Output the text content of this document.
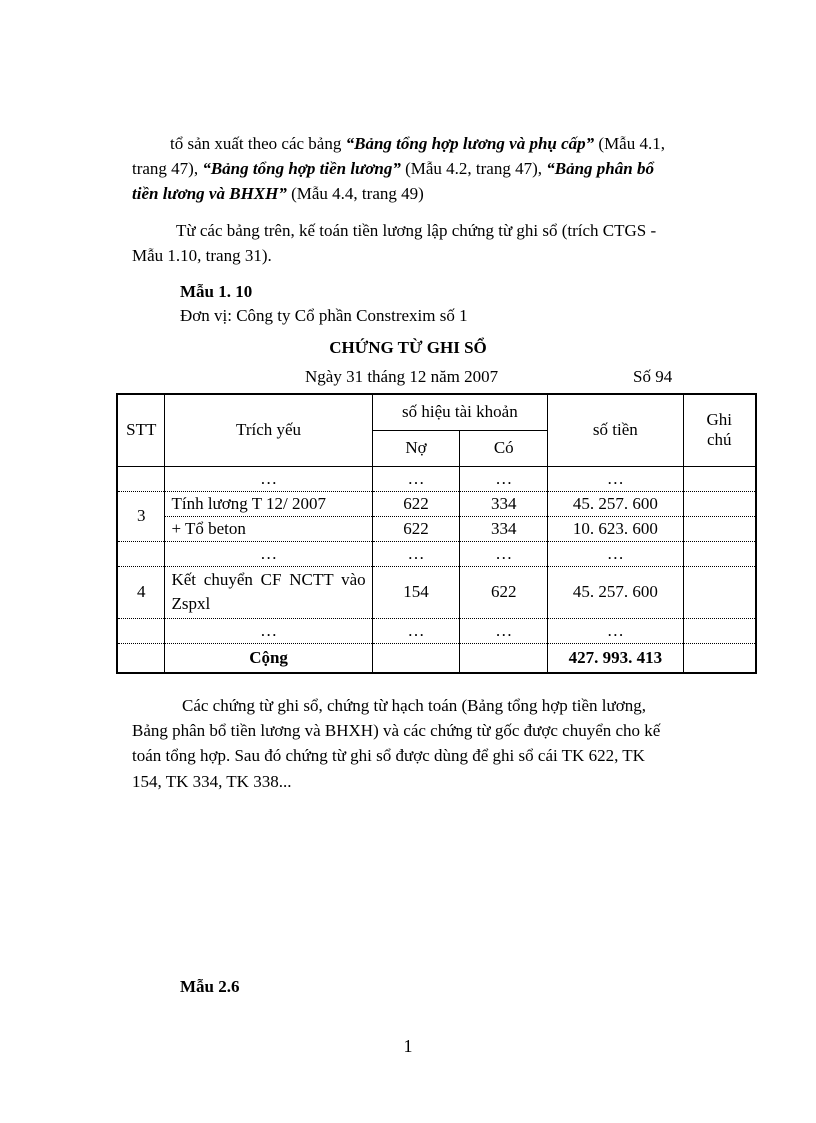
tổ sản xuất theo các bảng “Bảng tổng hợp lương và phụ cấp” (Mẫu 4.1,
trang 47), “Bảng tổng hợp tiền lương” (Mẫu 4.2, trang 47), “Bảng phân bổ
tiền lương và BHXH” (Mẫu 4.4, trang 49)
Từ các bảng trên, kế toán tiền lương lập chứng từ ghi sổ (trích CTGS -
Mẫu 1.10, trang 31).
Mẫu 1. 10
Đơn vị: Công ty Cổ phần Constrexim số 1
CHỨNG TỪ GHI SỔ
Ngày 31 tháng 12 năm 2007	Số 94
STT	Trích yếu	số hiệu tài khoản		số tiền	Ghi chú
		Nợ	Có		
	…	…	…	…	
3	Tính lương T 12/ 2007	622	334	45. 257. 600	
	+ Tổ beton	622	334	10. 623. 600	
	…	…	…	…	
4	Kết chuyển CF NCTT vào Zspxl	154	622	45. 257. 600	
	…	…	…	…	
	Cộng			427. 993. 413	
Các chứng từ ghi sổ, chứng từ hạch toán (Bảng tổng hợp tiền lương,
Bảng phân bổ tiền lương và BHXH) và các chứng từ gốc được chuyển cho kế
toán tổng hợp. Sau đó chứng từ ghi sổ được dùng để ghi sổ cái TK 622, TK
154, TK 334, TK 338...
Mẫu 2.6
1
